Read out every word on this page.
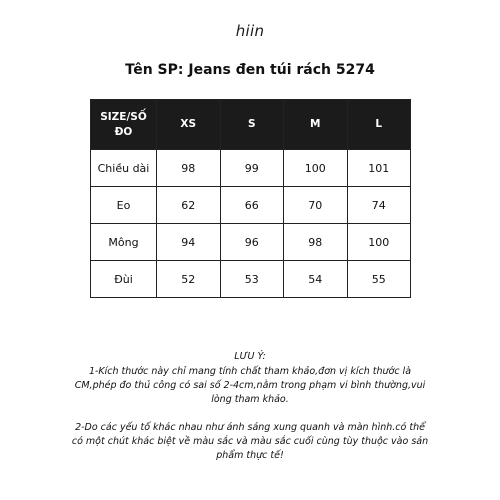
hiin
Tên SP: Jeans đen túi rách 5274
SIZE/SỐ ĐO	XS	S	M	L
Chiều dài	98	99	100	101
Eo	62	66	70	74
Mông	94	96	98	100
Đùi	52	53	54	55
LƯU Ý:

1-Kích thước này chỉ mang tính chất tham khảo,đơn vị kích thước là CM,phép đo thủ công có sai số 2-4cm,nằm trong phạm vi bình thường,vui lòng tham khảo.

2-Do các yếu tố khác nhau như ánh sáng xung quanh và màn hình.có thể có một chút khác biệt về màu sắc và màu sắc cuối cùng tùy thuộc vào sản phẩm thực tế!
